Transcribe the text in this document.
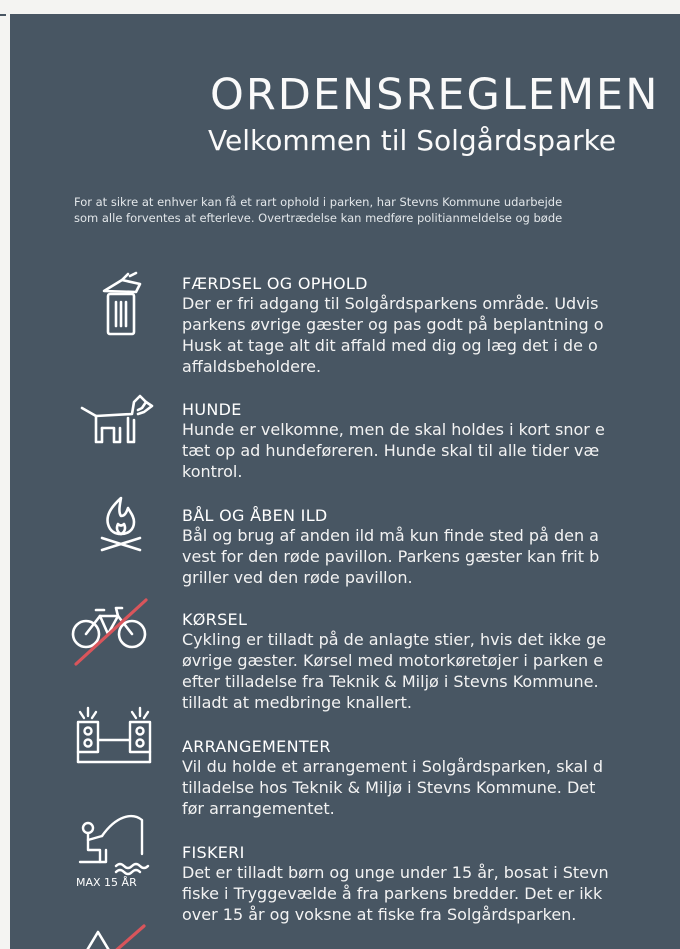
ORDENSREGLEMEN
Velkommen til Solgårdsparke
For at sikre at enhver kan få et rart ophold i parken, har Stevns Kommune udarbejde
som alle forventes at efterleve. Overtrædelse kan medføre politianmeldelse og bøde
MAX 15 ÅR
FÆRDSEL OG OPHOLD
Der er fri adgang til Solgårdsparkens område. Udvis
parkens øvrige gæster og pas godt på beplantning o
Husk at tage alt dit affald med dig og læg det i de o
affaldsbeholdere.
HUNDE
Hunde er velkomne, men de skal holdes i kort snor e
tæt op ad hundeføreren. Hunde skal til alle tider væ
kontrol.
BÅL OG ÅBEN ILD
Bål og brug af anden ild må kun finde sted på den a
vest for den røde pavillon. Parkens gæster kan frit b
griller ved den røde pavillon.
KØRSEL
Cykling er tilladt på de anlagte stier, hvis det ikke ge
øvrige gæster. Kørsel med motorkøretøjer i parken e
efter tilladelse fra Teknik & Miljø i Stevns Kommune.
tilladt at medbringe knallert.
ARRANGEMENTER
Vil du holde et arrangement i Solgårdsparken, skal d
tilladelse hos Teknik & Miljø i Stevns Kommune. Det
før arrangementet.
FISKERI
Det er tilladt børn og unge under 15 år, bosat i Stevn
fiske i Tryggevælde å fra parkens bredder. Det er ikk
over 15 år og voksne at fiske fra Solgårdsparken.
